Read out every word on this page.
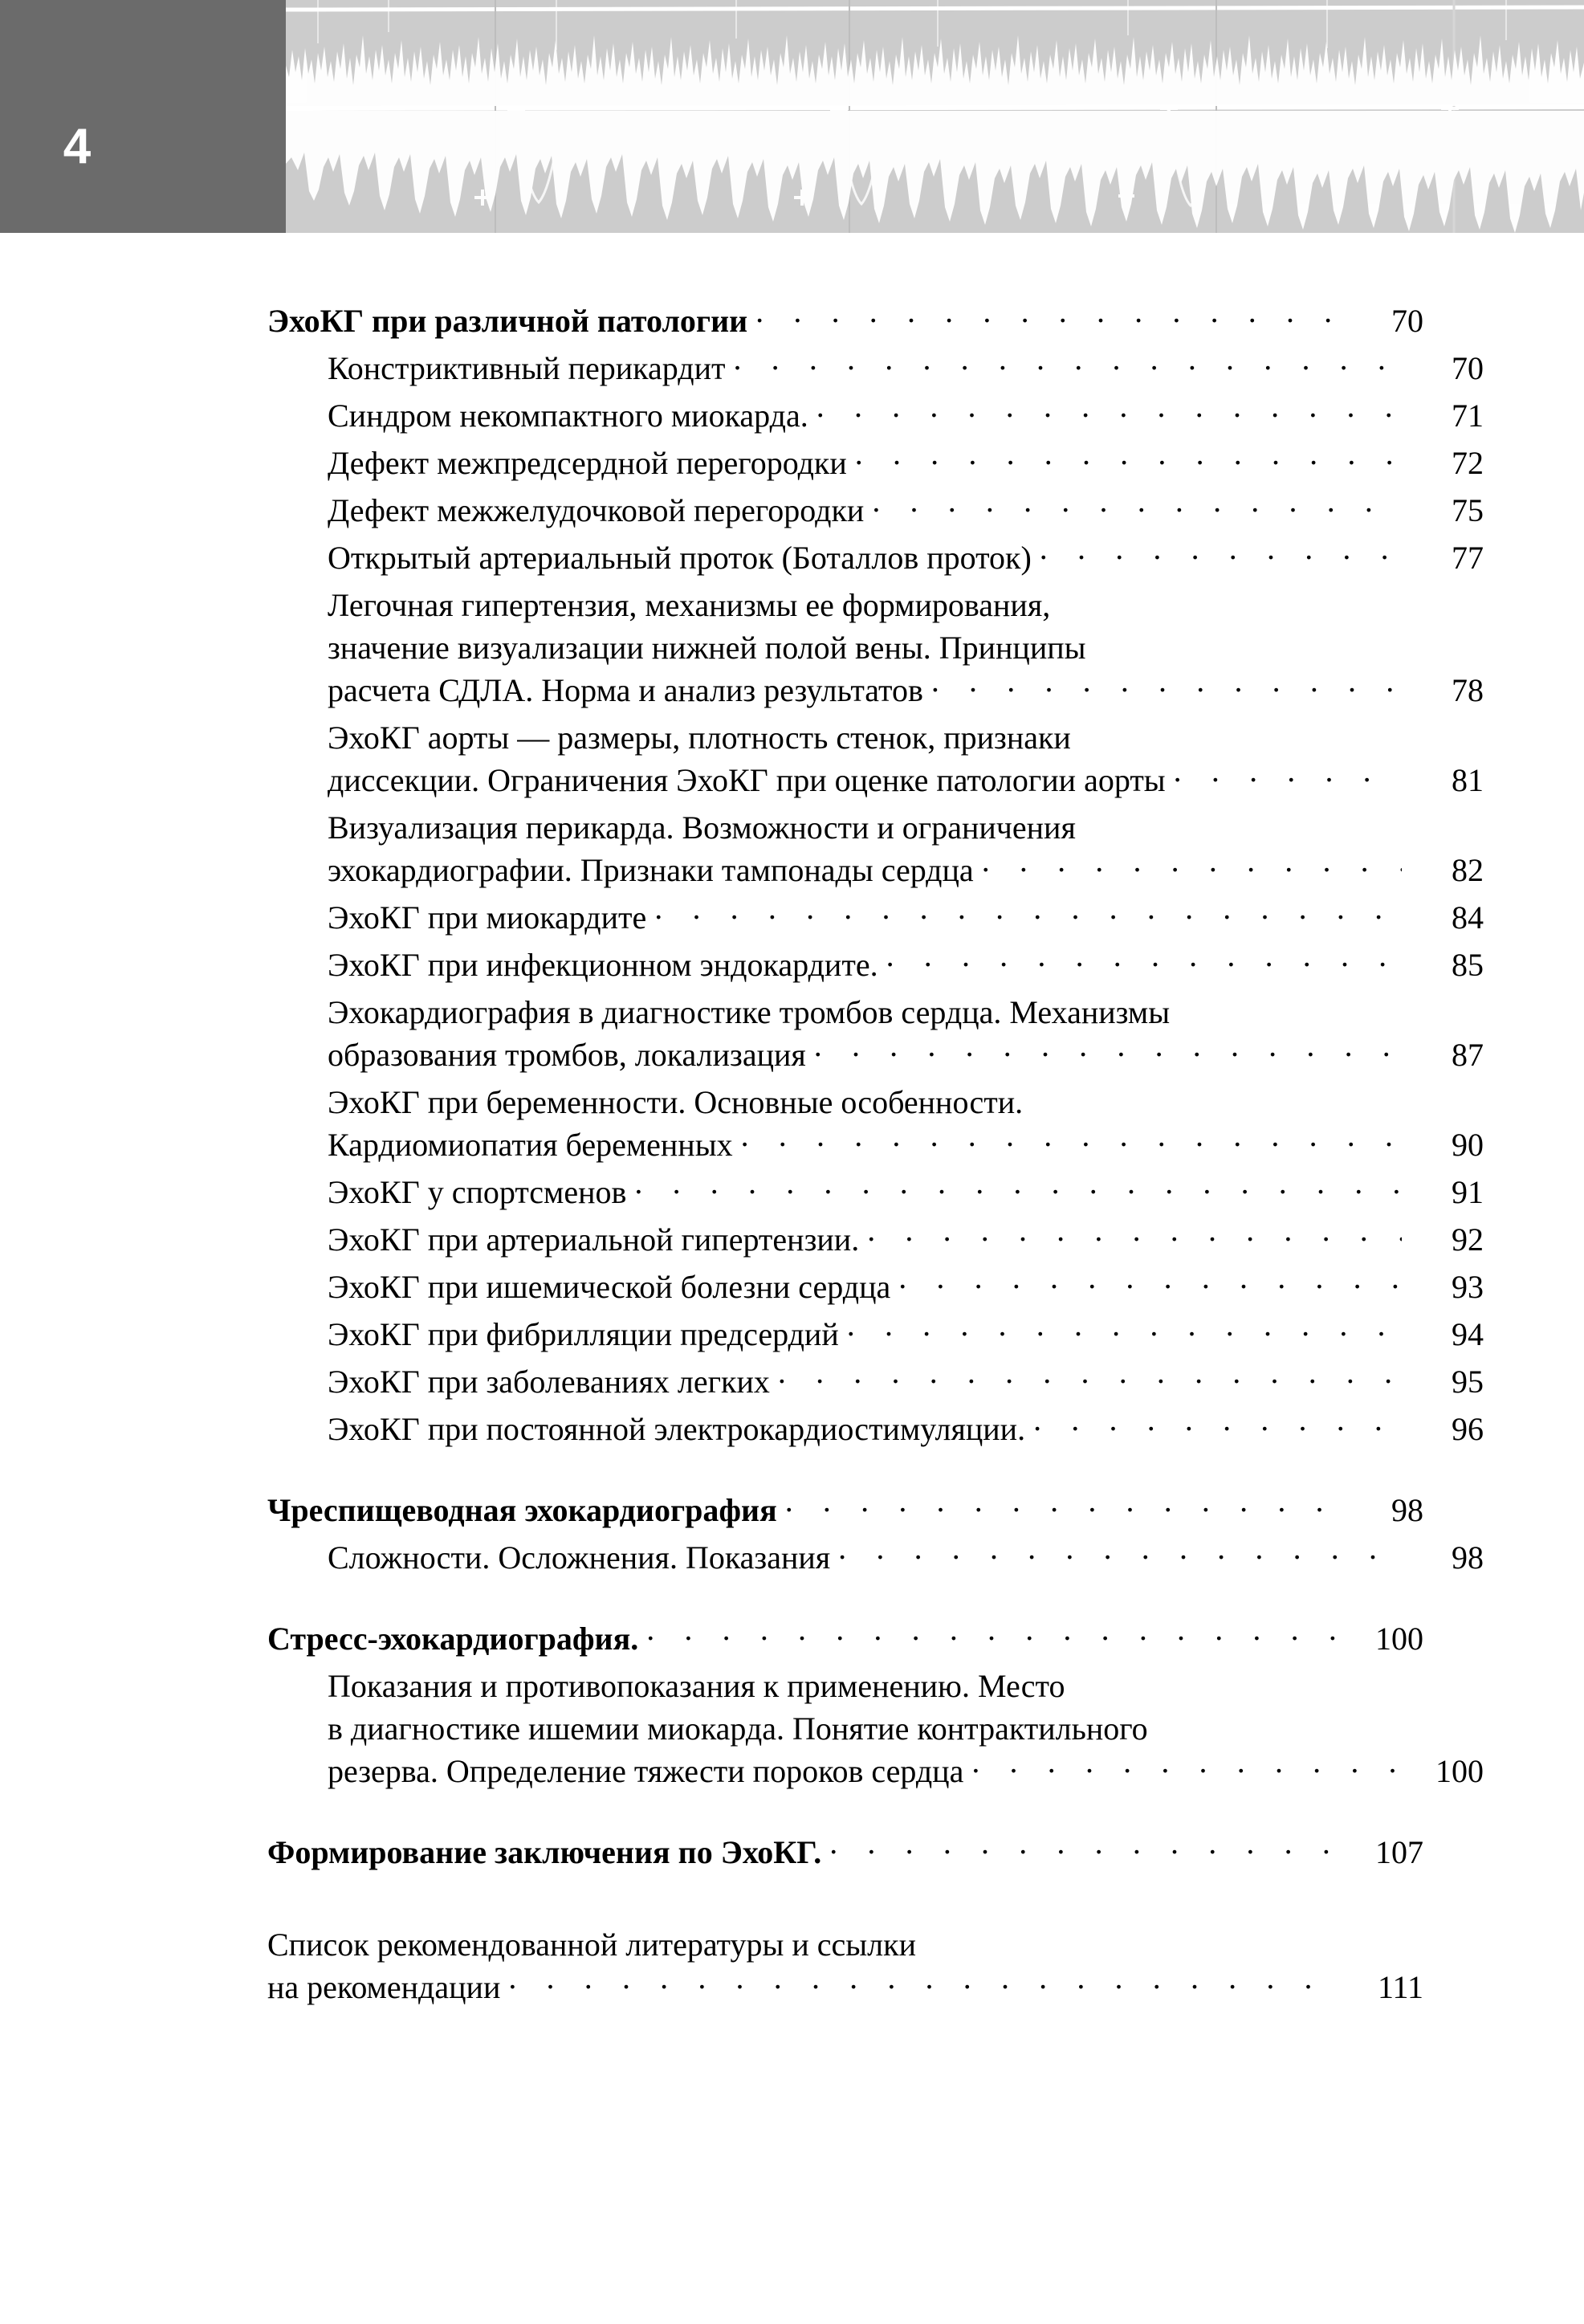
4
ЭхоКГ при различной патологии . . .	70
Констриктивный перикардит . . .	70
Синдром некомпактного миокарда. . . .	71
Дефект межпредсердной перегородки . . .	72
Дефект межжелудочковой перегородки . . .	75
Открытый артериальный проток (Боталлов проток) . . .	77
Легочная гипертензия, механизмы ее формирования,
значение визуализации нижней полой вены. Принципы
расчета СДЛА. Норма и анализ результатов . . .	78
ЭхоКГ аорты — размеры, плотность стенок, признаки
диссекции. Ограничения ЭхоКГ при оценке патологии аорты . . .	81
Визуализация перикарда. Возможности и ограничения
эхокардиографии. Признаки тампонады сердца . . .	82
ЭхоКГ при миокардите . . .	84
ЭхоКГ при инфекционном эндокардите. . . .	85
Эхокардиография в диагностике тромбов сердца. Механизмы
образования тромбов, локализация . . .	87
ЭхоКГ при беременности. Основные особенности.
Кардиомиопатия беременных . . .	90
ЭхоКГ у спортсменов . . .	91
ЭхоКГ при артериальной гипертензии. . . .	92
ЭхоКГ при ишемической болезни сердца . . .	93
ЭхоКГ при фибрилляции предсердий . . .	94
ЭхоКГ при заболеваниях легких . . .	95
ЭхоКГ при постоянной электрокардиостимуляции. . . .	96
Чреспищеводная эхокардиография . . .	98
Сложности. Осложнения. Показания . . .	98
Стресс-эхокардиография. . . .	100
Показания и противопоказания к применению. Место
в диагностике ишемии миокарда. Понятие контрактильного
резерва. Определение тяжести пороков сердца . . .	100
Формирование заключения по ЭхоКГ. . . .	107
Список рекомендованной литературы и ссылки
на рекомендации . . .	111
